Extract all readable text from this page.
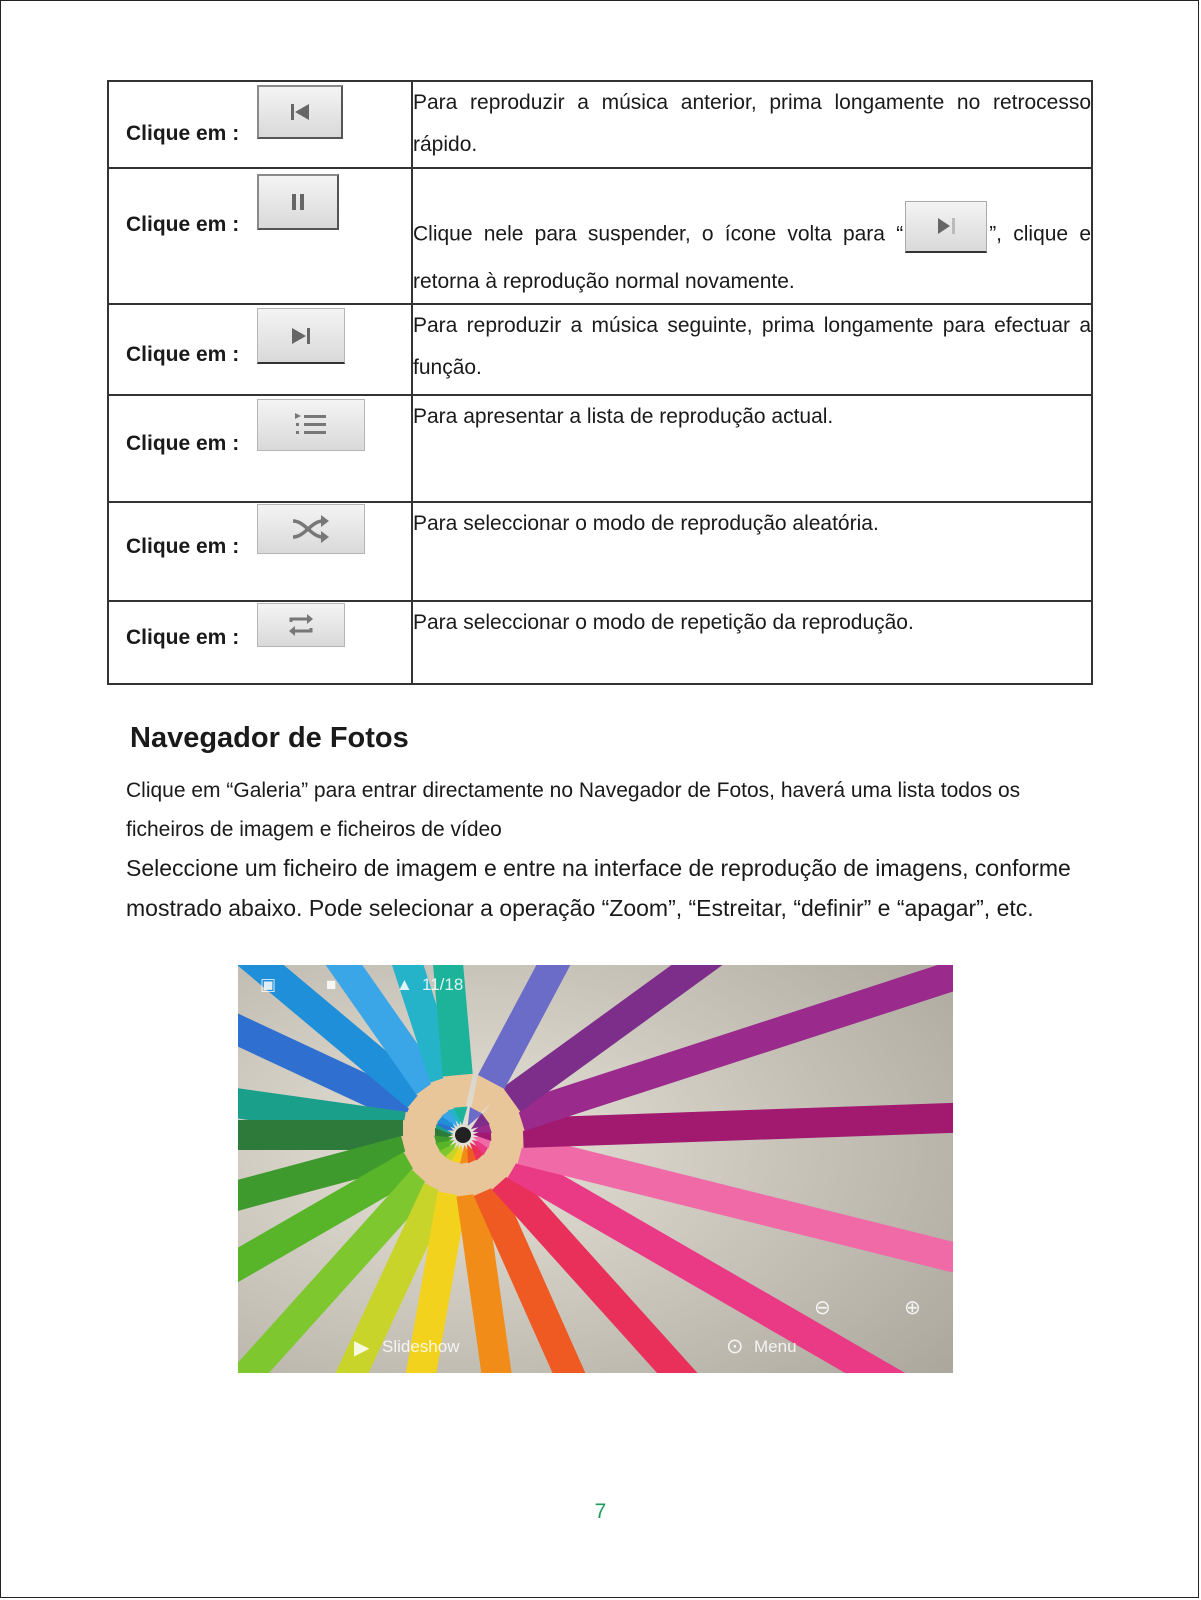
Clique em :	Para reproduzir a música anterior, prima longamente no retrocesso rápido.

Clique em :	Clique nele para suspender, o ícone volta para “ ”, clique e retorna à reprodução normal novamente.

Clique em :	Para reproduzir a música seguinte, prima longamente para efectuar a função.

Clique em :	Para apresentar a lista de reprodução actual.

Clique em :	Para seleccionar o modo de reprodução aleatória.

Clique em :	Para seleccionar o modo de repetição da reprodução.
Navegador de Fotos

Clique em “Galeria” para entrar directamente no Navegador de Fotos, haverá uma lista todos os ficheiros de imagem e ficheiros de vídeo

Seleccione um ficheiro de imagem e entre na interface de reprodução de imagens, conforme mostrado abaixo. Pode selecionar a operação “Zoom”, “Estreitar, “definir” e “apagar”, etc.

▣	■	▲ 11/18
⊖	⊕
▶ Slideshow	⊙ Menu
7
